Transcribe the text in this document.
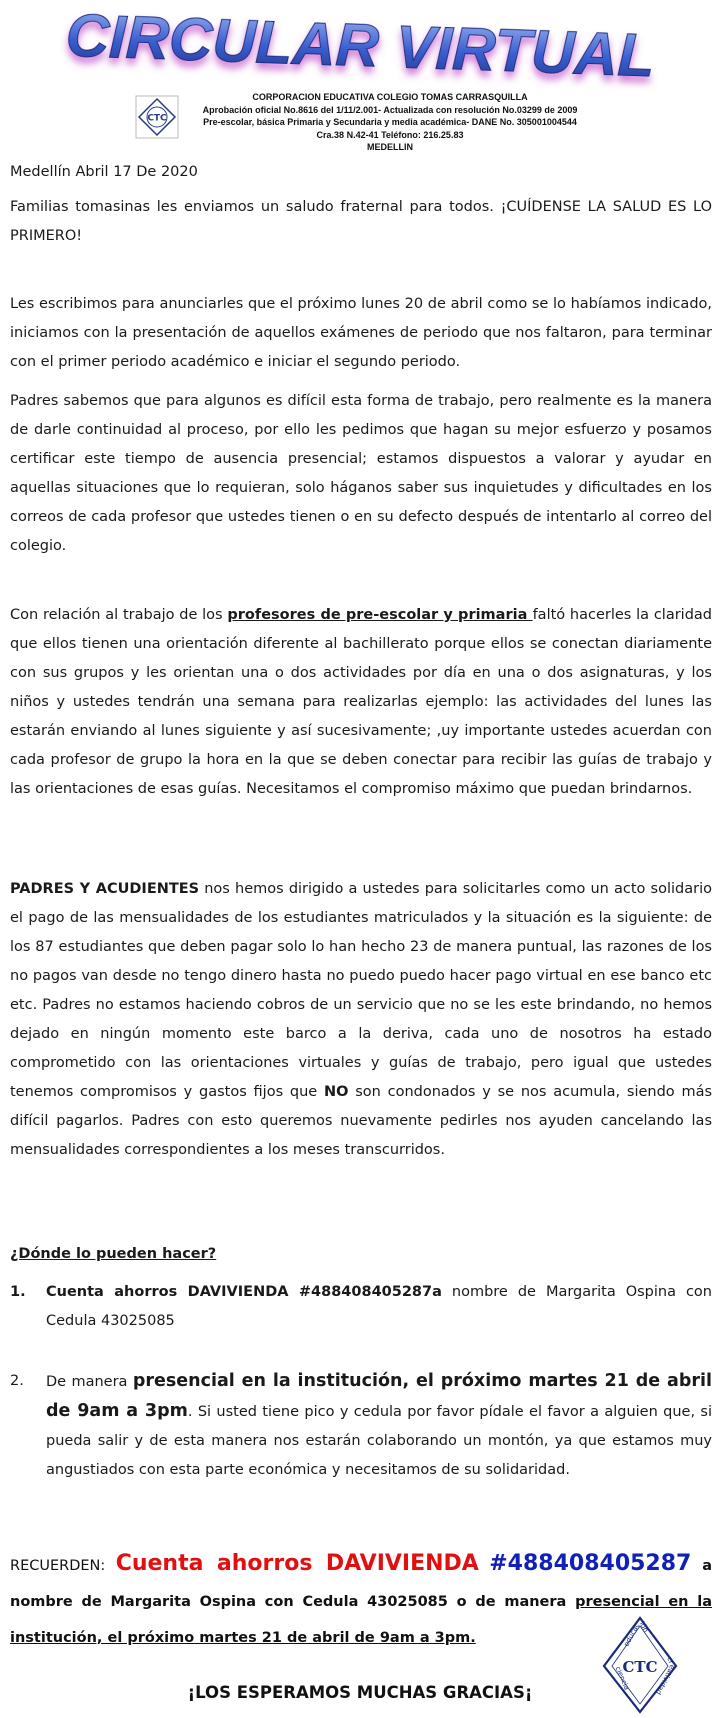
CIRCULAR VIRTUAL
CTC
CORPORACION EDUCATIVA COLEGIO TOMAS CARRASQUILLA
Aprobación oficial No.8616 del 1/11/2.001- Actualizada con resolución No.03299 de 2009
Pre-escolar, básica Primaria y Secundaria y media académica- DANE No. 305001004544
Cra.38 N.42-41 Teléfono: 216.25.83
MEDELLIN
Medellín Abril 17 De 2020
Familias tomasinas les enviamos un saludo fraternal para todos. ¡CUÍDENSE LA SALUD ES LO PRIMERO!
Les escribimos para anunciarles que el próximo lunes 20 de abril como se lo habíamos indicado, iniciamos con la presentación de aquellos exámenes de periodo que nos faltaron, para terminar con el primer periodo académico e iniciar el segundo periodo.
Padres sabemos que para algunos es difícil esta forma de trabajo, pero realmente es la manera de darle continuidad al proceso, por ello les pedimos que hagan su mejor esfuerzo y posamos certificar este tiempo de ausencia presencial; estamos dispuestos a valorar y ayudar en aquellas situaciones que lo requieran, solo háganos saber sus inquietudes y dificultades en los correos de cada profesor que ustedes tienen o en su defecto después de intentarlo al correo del colegio.
Con relación al trabajo de los profesores de pre-escolar y primaria faltó hacerles la claridad que ellos tienen una orientación diferente al bachillerato porque ellos se conectan diariamente con sus grupos y les orientan una o dos actividades por día en una o dos asignaturas, y los niños y ustedes tendrán una semana para realizarlas ejemplo: las actividades del lunes las estarán enviando al lunes siguiente y así sucesivamente; ,uy importante ustedes acuerdan con cada profesor de grupo la hora en la que se deben conectar para recibir las guías de trabajo y las orientaciones de esas guías. Necesitamos el compromiso máximo que puedan brindarnos.
PADRES Y ACUDIENTES nos hemos dirigido a ustedes para solicitarles como un acto solidario el pago de las mensualidades de los estudiantes matriculados y la situación es la siguiente: de los 87 estudiantes que deben pagar solo lo han hecho 23 de manera puntual, las razones de los no pagos van desde no tengo dinero hasta no puedo puedo hacer pago virtual en ese banco etc etc. Padres no estamos haciendo cobros de un servicio que no se les este brindando, no hemos dejado en ningún momento este barco a la deriva, cada uno de nosotros ha estado comprometido con las orientaciones virtuales y guías de trabajo, pero igual que ustedes tenemos compromisos y gastos fijos que NO son condonados y se nos acumula, siendo más difícil pagarlos. Padres con esto queremos nuevamente pedirles nos ayuden cancelando las mensualidades correspondientes a los meses transcurridos.
¿Dónde lo pueden hacer?
1.	Cuenta ahorros DAVIVIENDA #488408405287a nombre de Margarita Ospina con Cedula 43025085
2.	De manera presencial en la institución, el próximo martes 21 de abril de 9am a 3pm. Si usted tiene pico y cedula por favor pídale el favor a alguien que, si pueda salir y de esta manera nos estarán colaborando un montón, ya que estamos muy angustiados con esta parte económica y necesitamos de su solidaridad.
RECUERDEN: Cuenta ahorros DAVIVIENDA #488408405287 a nombre de Margarita Ospina con Cedula 43025085 o de manera presencial en la institución, el próximo martes 21 de abril de 9am a 3pm.
¡LOS ESPERAMOS MUCHAS GRACIAS¡
CTC
educación
creatividad
ciencia
